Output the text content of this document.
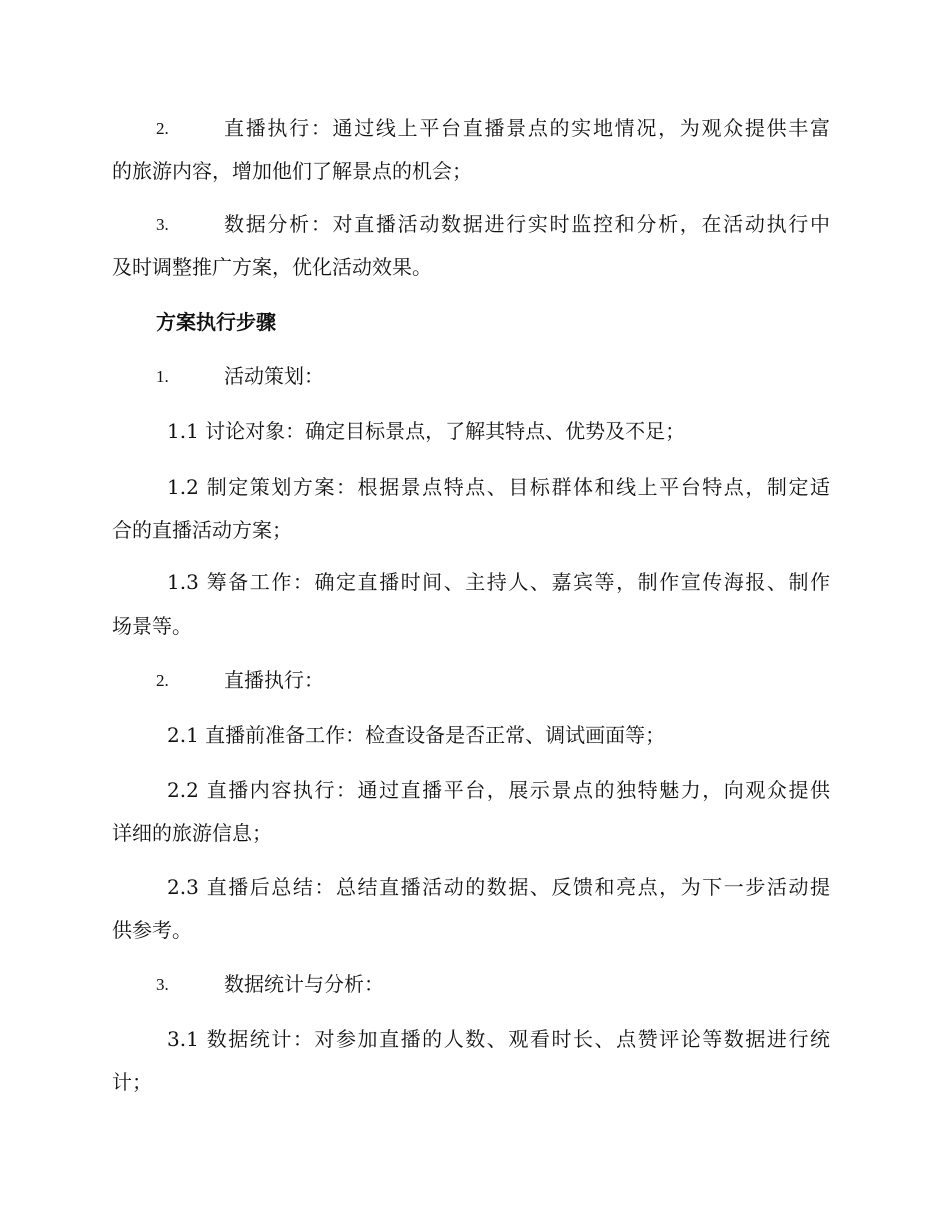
2.	直播执行：通过线上平台直播景点的实地情况，为观众提供丰富
的旅游内容，增加他们了解景点的机会；
3.	数据分析：对直播活动数据进行实时监控和分析，在活动执行中
及时调整推广方案，优化活动效果。
方案执行步骤
1.	活动策划：
1.1 讨论对象：确定目标景点，了解其特点、优势及不足；
1.2 制定策划方案：根据景点特点、目标群体和线上平台特点，制定适
合的直播活动方案；
1.3 筹备工作：确定直播时间、主持人、嘉宾等，制作宣传海报、制作
场景等。
2.	直播执行：
2.1 直播前准备工作：检查设备是否正常、调试画面等；
2.2 直播内容执行：通过直播平台，展示景点的独特魅力，向观众提供
详细的旅游信息；
2.3 直播后总结：总结直播活动的数据、反馈和亮点，为下一步活动提
供参考。
3.	数据统计与分析：
3.1 数据统计：对参加直播的人数、观看时长、点赞评论等数据进行统
计；
